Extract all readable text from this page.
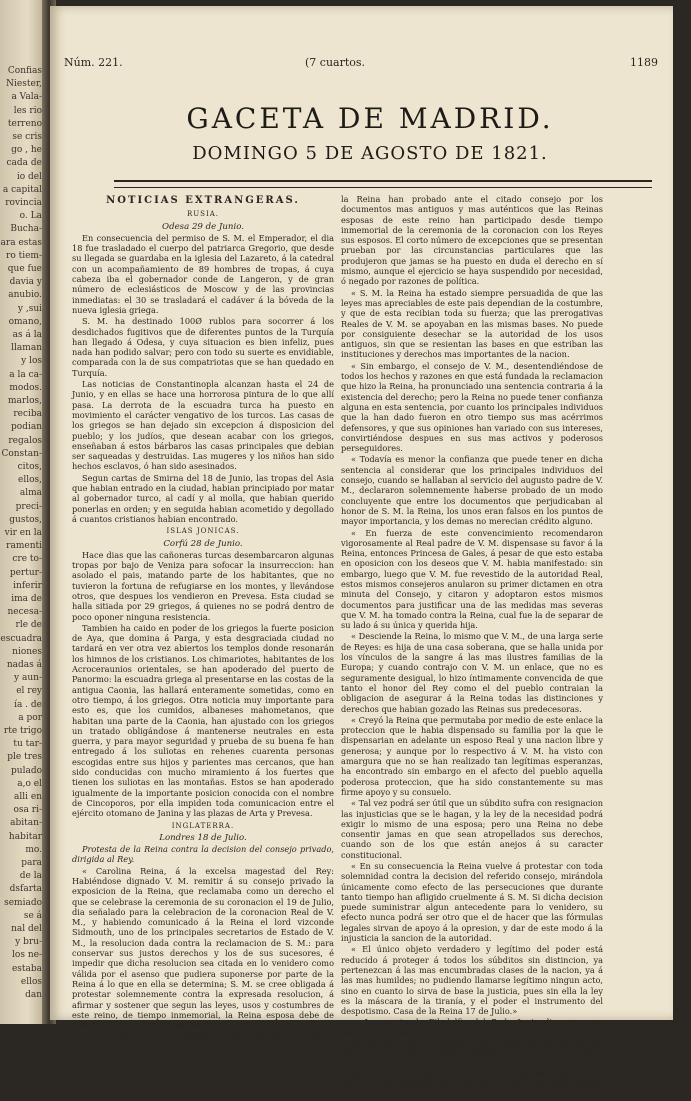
Confias
Niester,
a Vala-
les rio
terreno
se cris
go , he
cada de
io del
a capital
rovincia
o. La
Bucha-
ara estas
ro tiem-
que fue
davia y
anubio.
y ,sui
omano,
as á la
llaman
y los
a la ca-
modos.
marlos,
reciba
podian
regalos
Constan-
citos,
ellos,
alma
preci-
gustos,
vir en la
ramenti
cre to-
pertur-
inferir
ima de
necesa-
rle de
escuadra
niones
nadas á
y aun-
el rey
ía . de
a por
rte trigo
tu tar-
ple tres
pulado
a,o el
alli en
osa ri-
abitan-
habitar
mo.
para
de la
dsfarta
semiado
se á
nal del
y bru-
los ne-
estaba
ellos
dan
Núm. 221.	(7 cuartos.	1189
GACETA DE MADRID.
DOMINGO 5 DE AGOSTO DE 1821.
NOTICIAS EXTRANGERAS.
RUSIA.
Odesa 29 de Junio.

En consecuencia del permiso de S. M. el Emperador, el dia 18 fue trasladado el cuerpo del patriarca Gregorio, que desde su llegada se guardaba en la iglesia del Lazareto, á la catedral con un acompañamiento de 89 hombres de tropas, á cuya cabeza iba el gobernador conde de Langeron, y de gran número de eclesiásticos de Moscow y de las provincias inmediatas: el 30 se trasladará el cadáver á la bóveda de la nueva iglesia griega.

S. M. ha destinado 100Ø rublos para socorrer á los desdichados fugitivos que de diferentes puntos de la Turquía han llegado á Odesa, y cuya situacion es bien infeliz, pues nada han podido salvar; pero con todo su suerte es envidiable, comparada con la de sus compatriotas que se han quedado en Turquía.

Las noticias de Constantinopla alcanzan hasta el 24 de Junio, y en ellas se hace una horrorosa pintura de lo que allí pasa. La derrota de la escuadra turca ha puesto en movimiento el carácter vengativo de los turcos. Las casas de los griegos se han dejado sin excepcion á disposicion del pueblo; y los judíos, que desean acabar con los griegos, enseñaban á estos bárbaros las casas principales que debian ser saqueadas y destruidas. Las mugeres y los niños han sido hechos esclavos, ó han sido asesinados.

Segun cartas de Smirna del 18 de Junio, las tropas del Asia que habian entrado en la ciudad, habian principiado por matar al gobernador turco, al cadí y al molla, que habian querido ponerlas en orden; y en seguida habian acometido y degollado á cuantos cristianos habian encontrado.

ISLAS JONICAS.
Corfú 28 de Junio.

Hace dias que las cañoneras turcas desembarcaron algunas tropas por bajo de Veniza para sofocar la insurreccion: han asolado el pais, matando parte de los habitantes, que no tuvieron la fortuna de refugiarse en los montes, y llevándose otros, que despues los vendieron en Prevesa. Esta ciudad se halla sitiada por 29 griegos, á quienes no se podrá dentro de poco oponer ninguna resistencia.

Tambien ha caido en poder de los griegos la fuerte posicion de Aya, que domina á Parga, y esta desgraciada ciudad no tardará en ver otra vez abiertos los templos donde resonarán los himnos de los cristianos. Los chimariotes, habitantes de los Acroceraunios orientales, se han apoderado del puerto de Panormo: la escuadra griega al presentarse en las costas de la antigua Caonia, las hallará enteramente sometidas, como en otro tiempo, á los griegos. Otra noticia muy importante para esto es, que los cumidos, albaneses mahometanos, que habitan una parte de la Caonia, han ajustado con los griegos un tratado obligándose á mantenerse neutrales en esta guerra, y para mayor seguridad y prueba de su buena fe han entregado á los suliotas en rehenes cuarenta personas escogidas entre sus hijos y parientes mas cercanos, que han sido conducidas con mucho miramiento á los fuertes que tienen los suliotas en las montañas. Estos se han apoderado igualmente de la importante posicion conocida con el nombre de Cincoporos, por ella impiden toda comunicacion entre el ejército otomano de Janina y las plazas de Arta y Prevesa.

INGLATERRA.
Londres 18 de Julio.

Protesta de la Reina contra la decision del consejo privado, dirigida al Rey.

« Carolina Reina, á la excelsa magestad del Rey: Habiéndose dignado V. M. remitir á su consejo privado la exposicion de la Reina, que reclamaba como un derecho el que se celebrase la ceremonia de su coronacion el 19 de Julio, dia señalado para la celebracion de la coronacion Real de V. M., y habiendo comunicado á la Reina el lord vizconde Sidmouth, uno de los principales secretarios de Estado de V. M., la resolucion dada contra la reclamacion de S. M.: para conservar sus justos derechos y los de sus sucesores, é impedir que dicha resolucion sea citada en lo venidero como válida por el asenso que pudiera suponerse por parte de la Reina á lo que en ella se determina; S. M. se cree obligada á protestar solemnemente contra la expresada resolucion, á afirmar y sostener que segun las leyes, usos y costumbres de este reino, de tiempo inmemorial, la Reina esposa debe de derecho ser coronada al mismo tiempo que el Rey.

« En apoyo de esta reclamacion de derecho, los letrados de S. M.

la Reina han probado ante el citado consejo por los documentos mas antiguos y mas auténticos que las Reinas esposas de este reino han participado desde tiempo inmemorial de la ceremonia de la coronacion con los Reyes sus esposos. El corto número de excepciones que se presentan prueban por las circunstancias particulares que las produjeron que jamas se ha puesto en duda el derecho en sí mismo, aunque el ejercicio se haya suspendido por necesidad, ó negado por razones de política.

« S. M. la Reina ha estado siempre persuadida de que las leyes mas apreciables de este pais dependian de la costumbre, y que de esta recibian toda su fuerza; que las prerogativas Reales de V. M. se apoyaban en las mismas bases. No puede por consiguiente desechar se la autoridad de los usos antiguos, sin que se resientan las bases en que estriban las instituciones y derechos mas importantes de la nacion.

« Sin embargo, el consejo de V. M., desentendiéndose de todos los hechos y razones en que está fundada la reclamacion que hizo la Reina, ha pronunciado una sentencia contraria á la existencia del derecho; pero la Reina no puede tener confianza alguna en esta sentencia, por cuanto los principales individuos que la han dado fueron en otro tiempo sus mas acérrimos defensores, y que sus opiniones han variado con sus intereses, convirtiéndose despues en sus mas activos y poderosos perseguidores.

« Todavía es menor la confianza que puede tener en dicha sentencia al considerar que los principales individuos del consejo, cuando se hallaban al servicio del augusto padre de V. M., declararon solemnemente haberse probado de un modo concluyente que entre los documentos que perjudicaban al honor de S. M. la Reina, los unos eran falsos en los puntos de mayor importancia, y los demas no merecian crédito alguno.

« En fuerza de este convencimiento recomendaron vigorosamente al Real padre de V. M. dispensase su favor á la Reina, entonces Princesa de Gales, á pesar de que esto estaba en oposicion con los deseos que V. M. habia manifestado: sin embargo, luego que V. M. fue revestido de la autoridad Real, estos mismos consejeros anularon su primer dictamen en otra minuta del Consejo, y citaron y adoptaron estos mismos documentos para justificar una de las medidas mas severas que V. M. ha tomado contra la Reina, cual fue la de separar de su lado á su única y querida hija.

« Desciende la Reina, lo mismo que V. M., de una larga serie de Reyes: es hija de una casa soberana, que se halla unida por los vínculos de la sangre á las mas ilustres familias de la Europa; y cuando contrajo con V. M. un enlace, que no es seguramente desigual, lo hizo íntimamente convencida de que tanto el honor del Rey como el del pueblo contraian la obligacion de asegurar á la Reina todas las distinciones y derechos que habian gozado las Reinas sus predecesoras.

« Creyó la Reina que permutaba por medio de este enlace la proteccion que le habia dispensado su familia por la que le dispensarian en adelante un esposo Real y una nacion libre y generosa; y aunque por lo respectivo á V. M. ha visto con amargura que no se han realizado tan legítimas esperanzas, ha encontrado sin embargo en el afecto del pueblo aquella poderosa proteccion, que ha sido constantemente su mas firme apoyo y su consuelo.

« Tal vez podrá ser útil que un súbdito sufra con resignacion las injusticias que se le hagan, y la ley de la necesidad podrá exigir lo mismo de una esposa; pero una Reina no debe consentir jamas en que sean atropellados sus derechos, cuando son de los que están anejos á su caracter constitucional.

« En su consecuencia la Reina vuelve á protestar con toda solemnidad contra la decision del referido consejo, mirándola únicamente como efecto de las persecuciones que durante tanto tiempo han afligido cruelmente á S. M. Si dicha decision puede suministrar algun antecedente para lo venidero, su efecto nunca podrá ser otro que el de hacer que las fórmulas legales sirvan de apoyo á la opresion, y dar de este modo á la injusticia la sancion de la autoridad.

« El único objeto verdadero y legítimo del poder está reducido á proteger á todos los súbditos sin distincion, ya pertenezcan á las mas encumbradas clases de la nacion, ya á las mas humildes; no pudiendo llamarse legítimo ningun acto, sino en cuanto lo sirva de base la justicia, pues sin ella la ley es la máscara de la tiranía, y el poder el instrumento del despotismo. Casa de la Reina 17 de Julio.»

… La gaceta de Filadelfia del 7 de Junio dice que una escuadra de buques de guerra y de trasportes con 3000 hombres de tropa, y ademas 2611 personas, al mando del mayor general Smith, salió de Bombay el 11 de Enero para el golfo pérsico, donde han de emplearse estas tropas contra los árabes. El navío Isabel de Filadelfia ha sido detenido en Rio-Janeiro para emplearlo en trasportar á Lisboa muchas familias de distincion.
